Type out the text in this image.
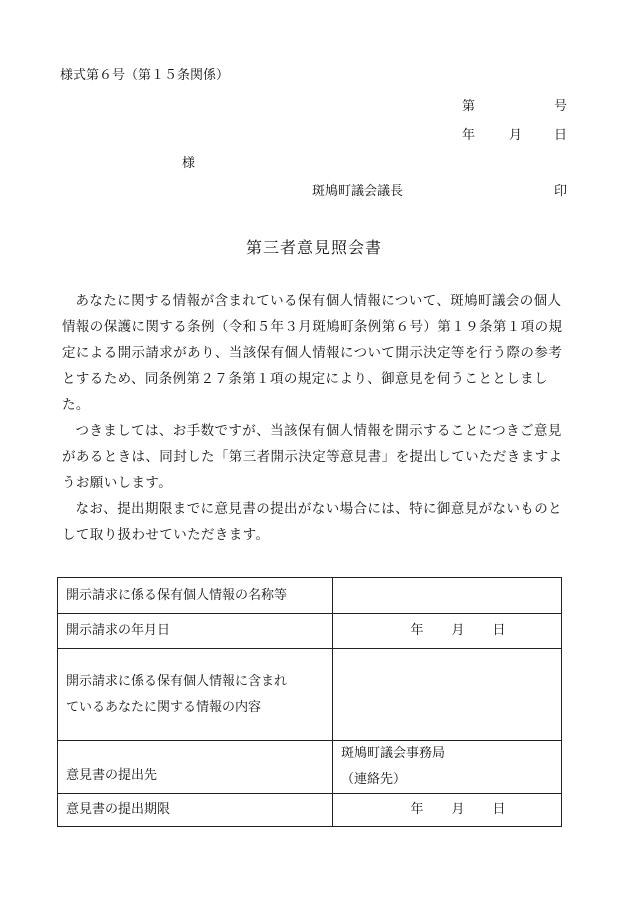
様式第６号（第１５条関係）
第	号
年	月 日
様
斑鳩町議会議長	印
第三者意見照会書

あなたに関する情報が含まれている保有個人情報について、斑鳩町議会の個人情報の保護に関する条例（令和５年３月斑鳩町条例第６号）第１９条第１項の規定による開示請求があり、当該保有個人情報について開示決定等を行う際の参考とするため、同条例第２７条第１項の規定により、御意見を伺うこととしました。

つきましては、お手数ですが、当該保有個人情報を開示することにつきご意見があるときは、同封した「第三者開示決定等意見書」を提出していただきますようお願いします。

なお、提出期限までに意見書の提出がない場合には、特に御意見がないものとして取り扱わせていただきます。

開示請求に係る保有個人情報の名称等	
開示請求の年月日	年 月 日

開示請求に係る保有個人情報に含まれ
ているあなたに関する情報の内容	

意見書の提出先	斑鳩町議会事務局
（連絡先）

意見書の提出期限	年 月 日
